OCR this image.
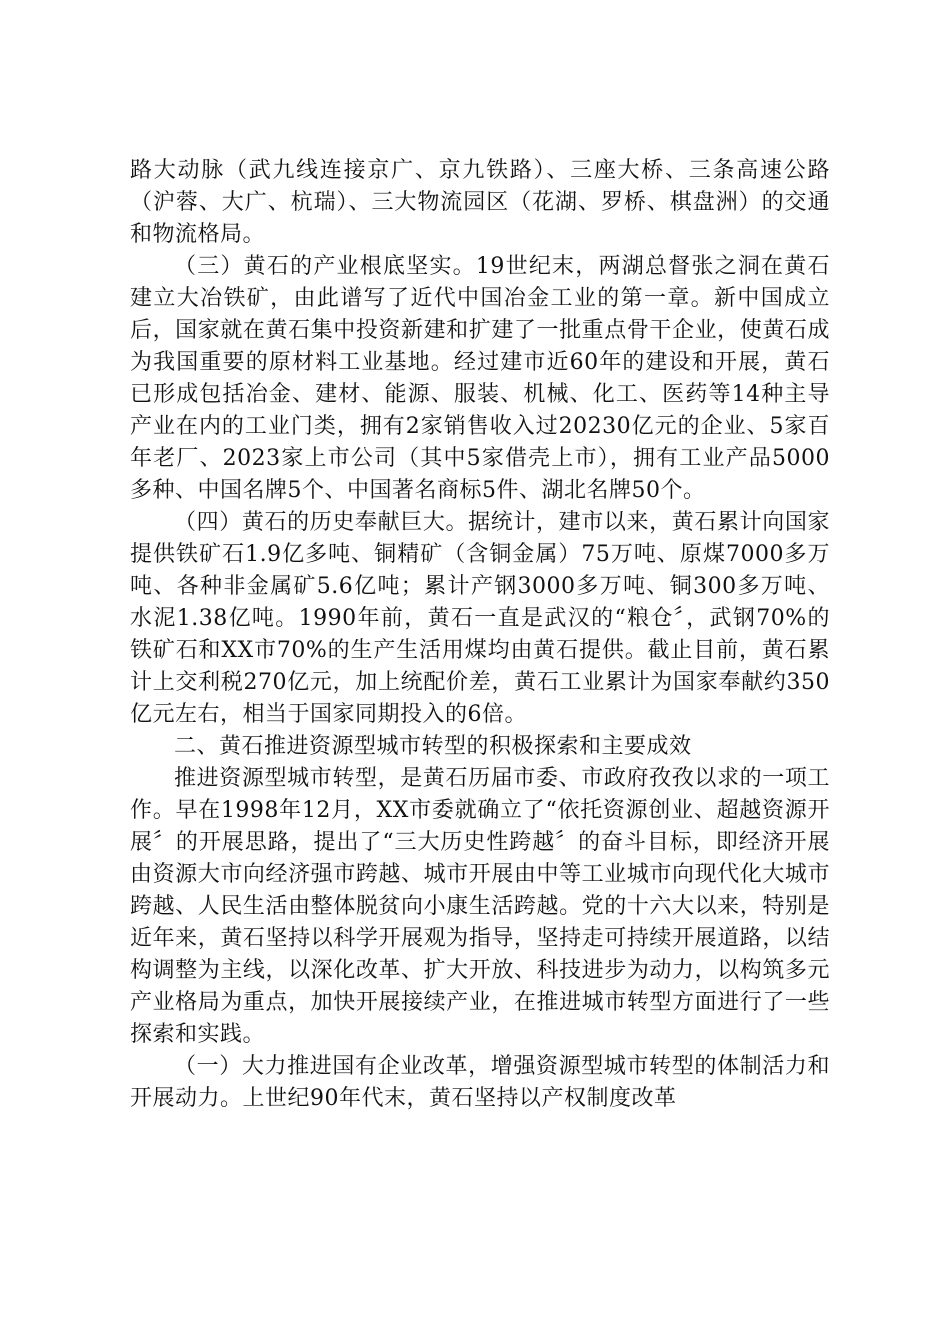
路大动脉（武九线连接京广、京九铁路）、三座大桥、三条高速公路（沪蓉、大广、杭瑞）、三大物流园区（花湖、罗桥、棋盘洲）的交通和物流格局。

（三）黄石的产业根底坚实。19世纪末，两湖总督张之洞在黄石建立大冶铁矿，由此谱写了近代中国冶金工业的第一章。新中国成立后，国家就在黄石集中投资新建和扩建了一批重点骨干企业，使黄石成为我国重要的原材料工业基地。经过建市近60年的建设和开展，黄石已形成包括冶金、建材、能源、服装、机械、化工、医药等14种主导产业在内的工业门类，拥有2家销售收入过20230亿元的企业、5家百年老厂、2023家上市公司（其中5家借壳上市），拥有工业产品5000多种、中国名牌5个、中国著名商标5件、湖北名牌50个。

（四）黄石的历史奉献巨大。据统计，建市以来，黄石累计向国家提供铁矿石1.9亿多吨、铜精矿（含铜金属）75万吨、原煤7000多万吨、各种非金属矿5.6亿吨；累计产钢3000多万吨、铜300多万吨、水泥1.38亿吨。1990年前，黄石一直是武汉的“粮仓〞，武钢70%的铁矿石和XX市70%的生产生活用煤均由黄石提供。截止目前，黄石累计上交利税270亿元，加上统配价差，黄石工业累计为国家奉献约350亿元左右，相当于国家同期投入的6倍。

二、黄石推进资源型城市转型的积极探索和主要成效

推进资源型城市转型，是黄石历届市委、市政府孜孜以求的一项工作。早在1998年12月，XX市委就确立了“依托资源创业、超越资源开展〞的开展思路，提出了“三大历史性跨越〞的奋斗目标，即经济开展由资源大市向经济强市跨越、城市开展由中等工业城市向现代化大城市跨越、人民生活由整体脱贫向小康生活跨越。党的十六大以来，特别是近年来，黄石坚持以科学开展观为指导，坚持走可持续开展道路，以结构调整为主线，以深化改革、扩大开放、科技进步为动力，以构筑多元产业格局为重点，加快开展接续产业，在推进城市转型方面进行了一些探索和实践。

（一）大力推进国有企业改革，增强资源型城市转型的体制活力和开展动力。上世纪90年代末，黄石坚持以产权制度改革
